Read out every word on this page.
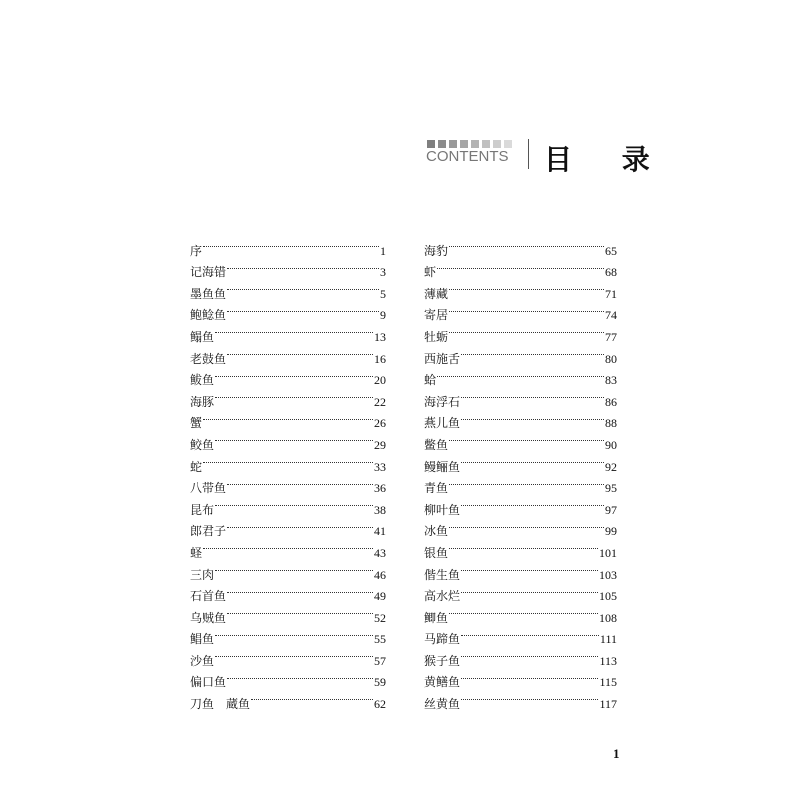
CONTENTS 目 录
序	1
记海错	3
墨鱼鱼	5
鲍鲶鱼	9
鳎鱼	13
老鼓鱼	16
鲅鱼	20
海豚	22
蟹	26
鲛鱼	29
蛇	33
八带鱼	36
昆布	38
郎君子	41
蛏	43
三肉	46
石首鱼	49
乌贼鱼	52
鲳鱼	55
沙鱼	57
偏口鱼	59
刀鱼　蔵鱼	62
海豹	65
虾	68
薄藏	71
寄居	74
牡蛎	77
西施舌	80
蛤	83
海浮石	86
燕儿鱼	88
鳖鱼	90
鳗鲡鱼	92
青鱼	95
柳叶鱼	97
冰鱼	99
银鱼	101
偕生鱼	103
高水烂	105
鲫鱼	108
马蹄鱼	111
猴子鱼	113
黄鳝鱼	115
丝黄鱼	117
1
